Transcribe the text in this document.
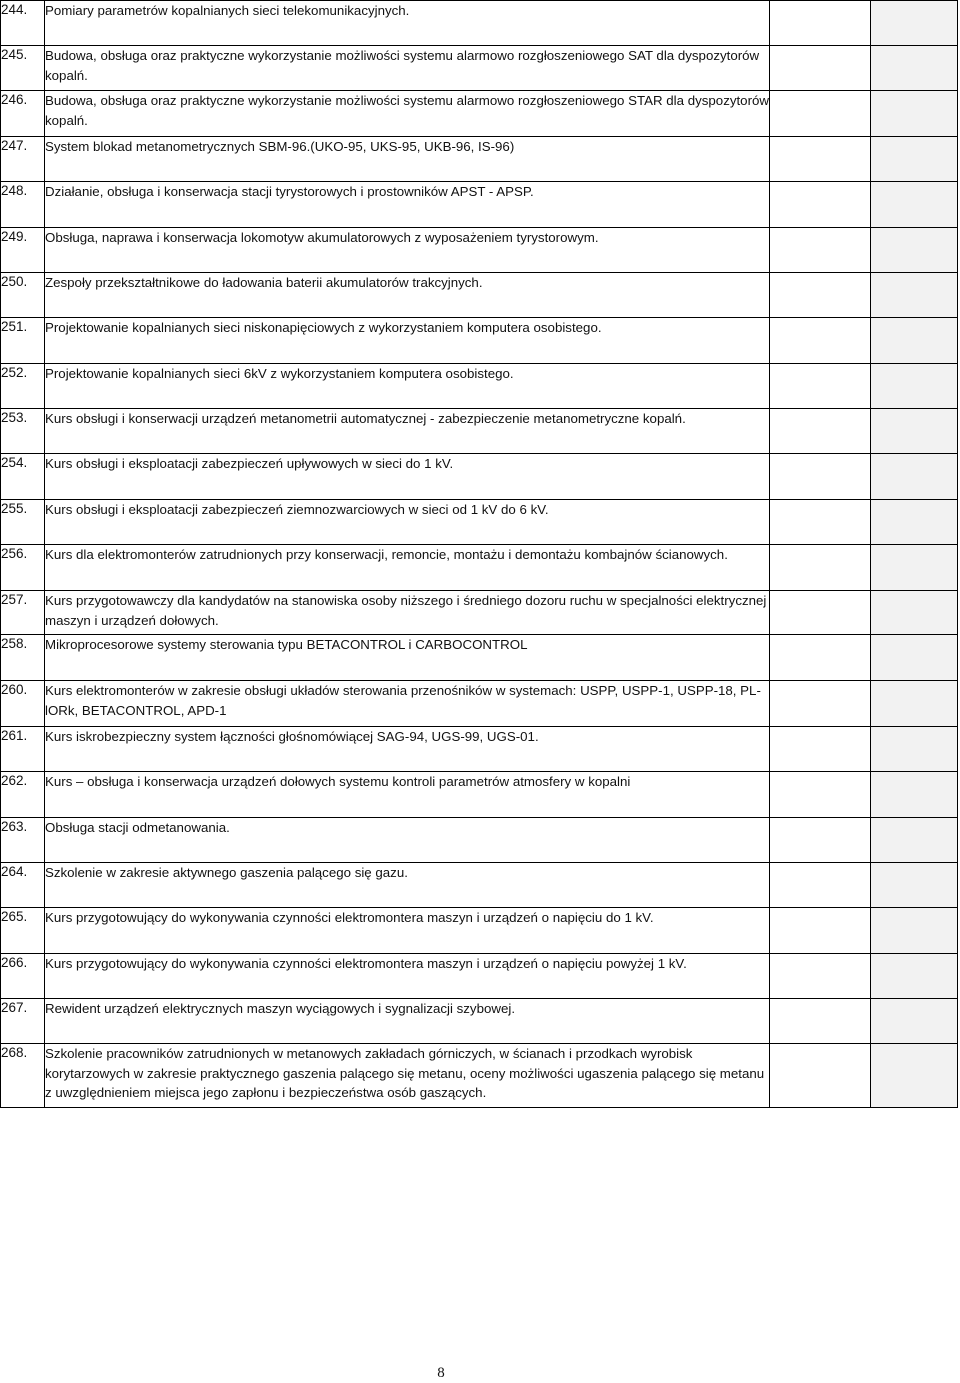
244.	Pomiary parametrów kopalnianych sieci telekomunikacyjnych.		
245.	Budowa, obsługa oraz praktyczne wykorzystanie możliwości systemu alarmowo rozgłoszeniowego SAT dla dyspozytorów kopalń.		
246.	Budowa, obsługa oraz praktyczne wykorzystanie możliwości systemu alarmowo rozgłoszeniowego STAR dla dyspozytorów kopalń.		
247.	System blokad metanometrycznych SBM-96.(UKO-95, UKS-95, UKB-96, IS-96)		
248.	Działanie, obsługa i konserwacja stacji tyrystorowych i prostowników APST - APSP.		
249.	Obsługa, naprawa i konserwacja lokomotyw akumulatorowych z wyposażeniem tyrystorowym.		
250.	Zespoły przekształtnikowe do ładowania baterii akumulatorów trakcyjnych.		
251.	Projektowanie kopalnianych sieci niskonapięciowych z wykorzystaniem komputera osobistego.		
252.	Projektowanie kopalnianych sieci 6kV z wykorzystaniem komputera osobistego.		
253.	Kurs obsługi i konserwacji urządzeń metanometrii automatycznej - zabezpieczenie metanometryczne kopalń.		
254.	Kurs obsługi i eksploatacji zabezpieczeń upływowych w sieci do 1 kV.		
255.	Kurs obsługi i eksploatacji zabezpieczeń ziemnozwarciowych w sieci od 1 kV do 6 kV.		
256.	Kurs dla elektromonterów zatrudnionych przy konserwacji, remoncie, montażu i demontażu kombajnów ścianowych.		
257.	Kurs przygotowawczy dla kandydatów na stanowiska osoby niższego i średniego dozoru ruchu w specjalności elektrycznej maszyn i urządzeń dołowych.		
258.	Mikroprocesorowe systemy sterowania typu BETACONTROL i CARBOCONTROL		
260.	Kurs elektromonterów w zakresie obsługi układów sterowania przenośników w systemach: USPP, USPP-1, USPP-18, PL-lORk, BETACONTROL, APD-1		
261.	Kurs iskrobezpieczny system łączności głośnomówiącej SAG-94, UGS-99, UGS-01.		
262.	Kurs – obsługa i konserwacja urządzeń dołowych systemu kontroli parametrów atmosfery w kopalni		
263.	Obsługa stacji odmetanowania.		
264.	Szkolenie w zakresie aktywnego gaszenia palącego się gazu.		
265.	Kurs przygotowujący do wykonywania czynności elektromontera maszyn i urządzeń o napięciu do 1 kV.		
266.	Kurs przygotowujący do wykonywania czynności elektromontera maszyn i urządzeń o napięciu powyżej 1 kV.		
267.	Rewident urządzeń elektrycznych maszyn wyciągowych i sygnalizacji szybowej.		
268.	Szkolenie pracowników zatrudnionych w metanowych zakładach górniczych, w ścianach i przodkach wyrobisk korytarzowych w zakresie praktycznego gaszenia palącego się metanu, oceny możliwości ugaszenia palącego się metanu z uwzględnieniem miejsca jego zapłonu i bezpieczeństwa osób gaszących.		
8
